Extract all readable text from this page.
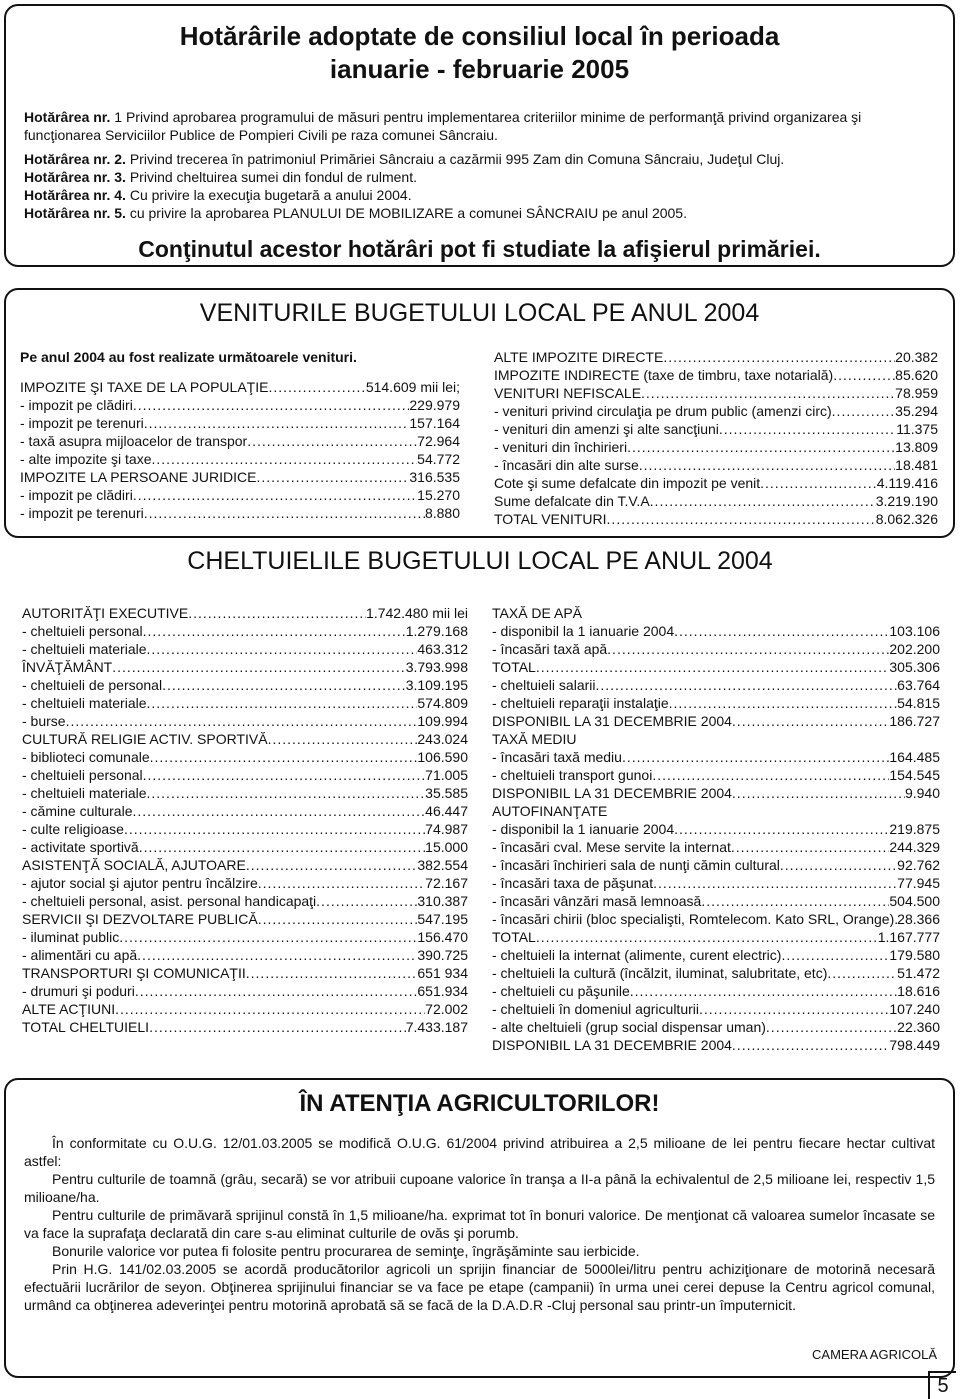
Hotărârile adoptate de consiliul local în perioada
ianuarie - februarie 2005
Hotărârea nr. 1 Privind aprobarea programului de măsuri pentru implementarea criteriilor minime de performanţă privind organizarea şi
funcţionarea Serviciilor Publice de Pompieri Civili pe raza comunei Sâncraiu.
Hotărârea nr. 2. Privind trecerea în patrimoniul Primăriei Sâncraiu a cazărmii 995 Zam din Comuna Sâncraiu, Judeţul Cluj.
Hotărârea nr. 3. Privind cheltuirea sumei din fondul de rulment.
Hotărârea nr. 4. Cu privire la execuţia bugetară a anului 2004.
Hotărârea nr. 5. cu privire la aprobarea PLANULUI DE MOBILIZARE a comunei SÂNCRAIU pe anul 2005.
Conţinutul acestor hotărâri pot fi studiate la afişierul primăriei.
VENITURILE BUGETULUI LOCAL PE ANUL 2004
Pe anul 2004 au fost realizate următoarele venituri.
IMPOZITE ŞI TAXE DE LA POPULAŢIE .....	514.609 mii lei;
- impozit pe clădiri .....	229.979
- impozit pe terenuri .....	157.164
- taxă asupra mijloacelor de transpor .....	72.964
- alte impozite şi taxe .....	54.772
IMPOZITE LA PERSOANE JURIDICE .....	316.535
- impozit pe clădiri .....	15.270
- impozit pe terenuri .....	8.880
ALTE IMPOZITE DIRECTE .....	20.382
IMPOZITE INDIRECTE (taxe de timbru, taxe notarială) .....	85.620
VENITURI NEFISCALE .....	78.959
- venituri privind circulaţia pe drum public (amenzi circ) .....	35.294
- venituri din amenzi şi alte sancţiuni .....	11.375
- venituri din închirieri .....	13.809
- încasări din alte surse .....	18.481
Cote şi sume defalcate din impozit pe venit .....	4.119.416
Sume defalcate din T.V.A .....	3.219.190
TOTAL VENITURI .....	8.062.326
CHELTUIELILE BUGETULUI LOCAL PE ANUL 2004
AUTORITĂŢI EXECUTIVE .....	1.742.480 mii lei
- cheltuieli personal .....	1.279.168
- cheltuieli materiale .....	463.312
ÎNVĂŢĂMÂNT .....	3.793.998
- cheltuieli de personal .....	3.109.195
- cheltuieli materiale .....	574.809
- burse .....	109.994
CULTURĂ RELIGIE ACTIV. SPORTIVĂ .....	243.024
- biblioteci comunale .....	106.590
- cheltuieli personal .....	71.005
- cheltuieli materiale .....	35.585
- cămine culturale .....	46.447
- culte religioase .....	74.987
- activitate sportivă .....	15.000
ASISTENŢĂ SOCIALĂ, AJUTOARE .....	382.554
- ajutor social şi ajutor pentru încălzire .....	72.167
- cheltuieli personal, asist. personal handicapaţi .....	310.387
SERVICII ŞI DEZVOLTARE PUBLICĂ .....	547.195
- iluminat public .....	156.470
- alimentări cu apă .....	390.725
TRANSPORTURI ŞI COMUNICAŢII .....	651 934
- drumuri şi poduri .....	651.934
ALTE ACŢIUNI .....	72.002
TOTAL CHELTUIELI .....	7.433.187
TAXĂ DE APĂ
- disponibil la 1 ianuarie 2004 .....	103.106
- încasări taxă apă .....	202.200
TOTAL .....	305.306
- cheltuieli salarii .....	63.764
- cheltuieli reparaţii instalaţie .....	54.815
DISPONIBIL LA 31 DECEMBRIE 2004 .....	186.727
TAXĂ MEDIU
- încasări taxă mediu .....	164.485
- cheltuieli transport gunoi .....	154.545
DISPONIBIL LA 31 DECEMBRIE 2004 .....	9.940
AUTOFINANŢATE
- disponibil la 1 ianuarie 2004 .....	219.875
- încasări cval. Mese servite la internat .....	244.329
- încasări închirieri sala de nunţi cămin cultural .....	92.762
- încasări taxa de păşunat .....	77.945
- încasări vânzări masă lemnoasă .....	504.500
- încasări chirii (bloc specialişti, Romtelecom. Kato SRL, Orange) ..... 28.366
TOTAL .....	1.167.777
- cheltuieli la internat (alimente, curent electric) .....	179.580
- cheltuieli la cultură (încălzit, iluminat, salubritate, etc) .....	51.472
- cheltuieli cu păşunile .....	18.616
- cheltuieli în domeniul agriculturii .....	107.240
- alte cheltuieli (grup social dispensar uman) .....	22.360
DISPONIBIL LA 31 DECEMBRIE 2004 .....	798.449
ÎN ATENŢIA AGRICULTORILOR!

În conformitate cu O.U.G. 12/01.03.2005 se modifică O.U.G. 61/2004 privind atribuirea a 2,5 milioane de lei pentru fiecare hectar cultivat astfel:

Pentru culturile de toamnă (grâu, secară) se vor atribuii cupoane valorice în tranşa a II-a până la echivalentul de 2,5 milioane lei, respectiv 1,5 milioane/ha.

Pentru culturile de primăvară sprijinul constă în 1,5 milioane/ha. exprimat tot în bonuri valorice. De menţionat că valoarea sumelor încasate se va face la suprafaţa declarată din care s-au eliminat culturile de ovăs şi porumb.

Bonurile valorice vor putea fi folosite pentru procurarea de seminţe, îngrăşăminte sau ierbicide.

Prin H.G. 141/02.03.2005 se acordă producătorilor agricoli un sprijin financiar de 5000lei/litru pentru achiziţionare de motorină necesară efectuării lucrărilor de seyon. Obţinerea sprijinului financiar se va face pe etape (campanii) în urma unei cerei depuse la Centru agricol comunal, urmând ca obţinerea adeverinţei pentru motorină aprobată să se facă de la D.A.D.R -Cluj personal sau printr-un împuternicit.

CAMERA AGRICOLĂ
5
